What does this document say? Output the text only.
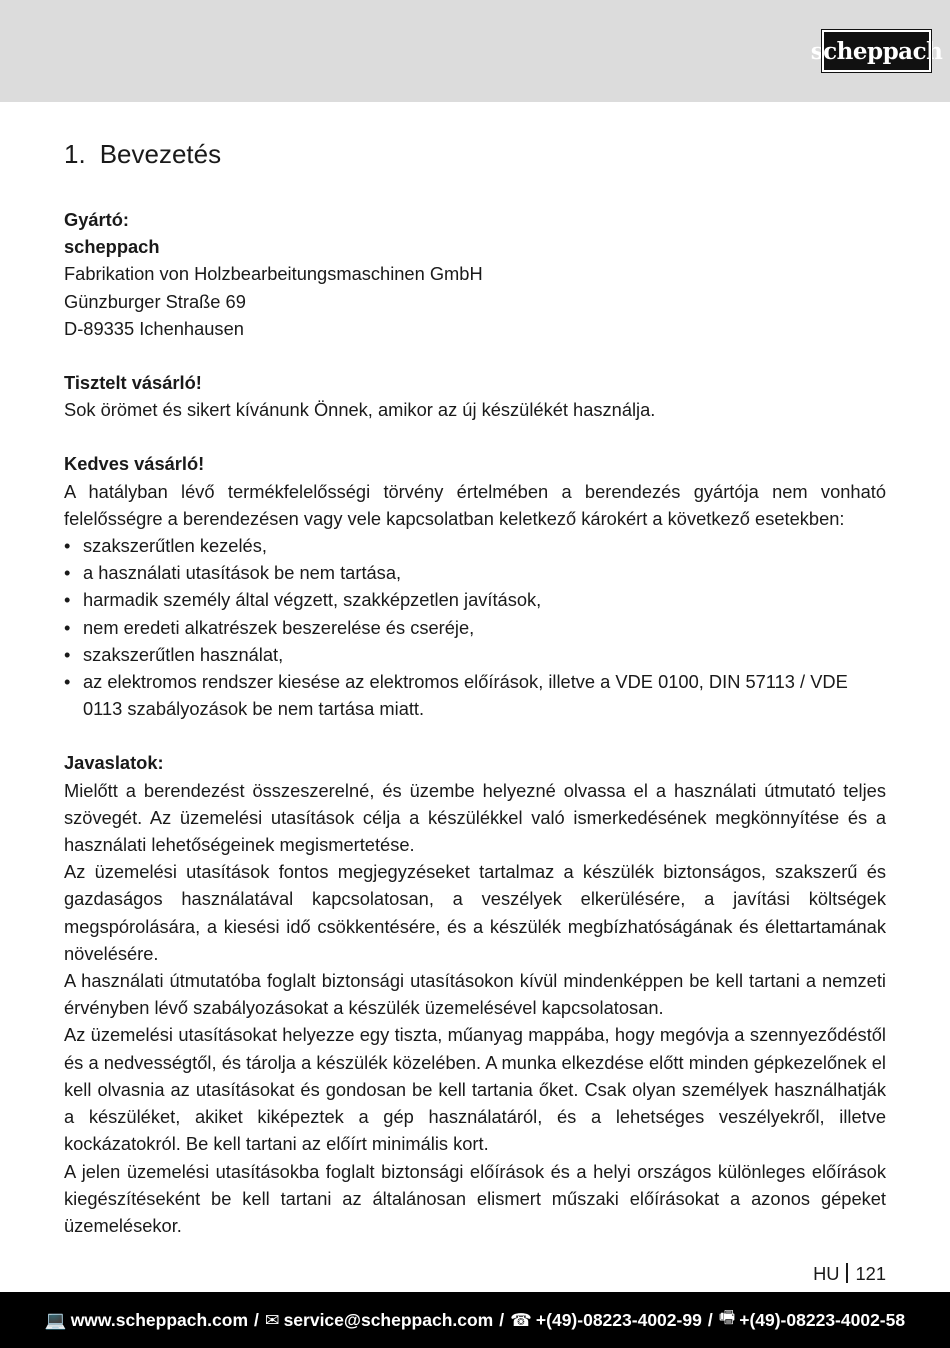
scheppach
1. Bevezetés

Gyártó:

scheppach

Fabrikation von Holzbearbeitungsmaschinen GmbH

Günzburger Straße 69

D-89335 Ichenhausen

Tisztelt vásárló!

Sok örömet és sikert kívánunk Önnek, amikor az új készülékét használja.

Kedves vásárló!

A hatályban lévő termékfelelősségi törvény értelmében a berendezés gyártója nem vonható felelősségre a berendezésen vagy vele kapcsolatban keletkező károkért a következő esetekben:

• szakszerűtlen kezelés,
• a használati utasítások be nem tartása,
• harmadik személy által végzett, szakképzetlen javítások,
• nem eredeti alkatrészek beszerelése és cseréje,
• szakszerűtlen használat,
• az elektromos rendszer kiesése az elektromos előírások, illetve a VDE 0100, DIN 57113 / VDE 0113 szabályozások be nem tartása miatt.

Javaslatok:

Mielőtt a berendezést összeszerelné, és üzembe helyezné olvassa el a használati útmutató teljes szövegét. Az üzemelési utasítások célja a készülékkel való ismerkedésének megkönnyítése és a használati lehetőségeinek megismertetése.

Az üzemelési utasítások fontos megjegyzéseket tartalmaz a készülék biztonságos, szakszerű és gazdaságos használatával kapcsolatosan, a veszélyek elkerülésére, a javítási költségek megspórolására, a kiesési idő csökkentésére, és a készülék megbízhatóságának és élettartamának növelésére.

A használati útmutatóba foglalt biztonsági utasításokon kívül mindenképpen be kell tartani a nemzeti érvényben lévő szabályozásokat a készülék üzemelésével kapcsolatosan.

Az üzemelési utasításokat helyezze egy tiszta, műanyag mappába, hogy megóvja a szennyeződéstől és a nedvességtől, és tárolja a készülék közelében. A munka elkezdése előtt minden gépkezelőnek el kell olvasnia az utasításokat és gondosan be kell tartania őket. Csak olyan személyek használhatják a készüléket, akiket kiképeztek a gép használatáról, és a lehetséges veszélyekről, illetve kockázatokról. Be kell tartani az előírt minimális kort.

A jelen üzemelési utasításokba foglalt biztonsági előírások és a helyi országos különleges előírások kiegészítéseként be kell tartani az általánosan elismert műszaki előírásokat a azonos gépeket üzemelésekor.

HU 121
💻 www.scheppach.com / ✉ service@scheppach.com / ☎ +(49)-08223-4002-99 / 🖷 +(49)-08223-4002-58
